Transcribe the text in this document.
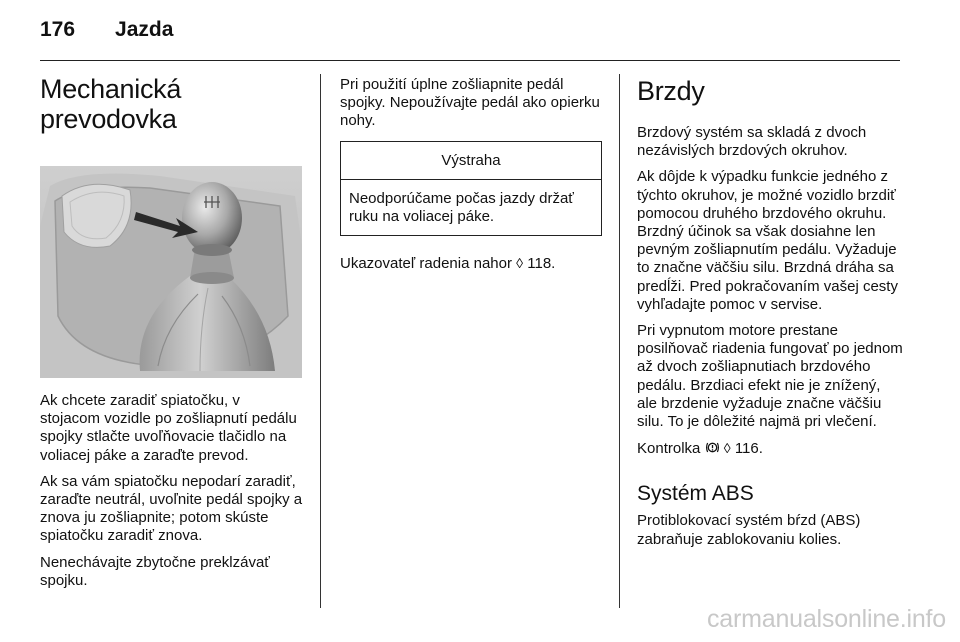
176 Jazda
Mechanická
prevodovka

Ak chcete zaradiť spiatočku, v stojacom vozidle po zošliapnutí pedálu spojky stlačte uvoľňovacie tlačidlo na voliacej páke a zaraďte prevod.

Ak sa vám spiatočku nepodarí zaradiť, zaraďte neutrál, uvoľnite pedál spojky a znova ju zošliapnite; potom skúste spiatočku zaradiť znova.

Nenechávajte zbytočne preklzávať spojku.

Pri použití úplne zošliapnite pedál spojky. Nepoužívajte pedál ako opierku nohy.

Výstraha
Neodporúčame počas jazdy držať ruku na voliacej páke.

Ukazovateľ radenia nahor ◊ 118.

Brzdy

Brzdový systém sa skladá z dvoch nezávislých brzdových okruhov.

Ak dôjde k výpadku funkcie jedného z týchto okruhov, je možné vozidlo brzdiť pomocou druhého brzdového okruhu. Brzdný účinok sa však dosiahne len pevným zošliapnutím pedálu. Vyžaduje to značne väčšiu silu. Brzdná dráha sa predĺži. Pred pokračovaním vašej cesty vyhľadajte pomoc v servise.

Pri vypnutom motore prestane posilňovač riadenia fungovať po jednom až dvoch zošliapnutiach brzdového pedálu. Brzdiaci efekt nie je znížený, ale brzdenie vyžaduje značne väčšiu silu. To je dôležité najmä pri vlečení.

Kontrolka ◊ 116.

Systém ABS

Protiblokovací systém bŕzd (ABS) zabraňuje zablokovaniu kolies.

carmanualsonline.info
